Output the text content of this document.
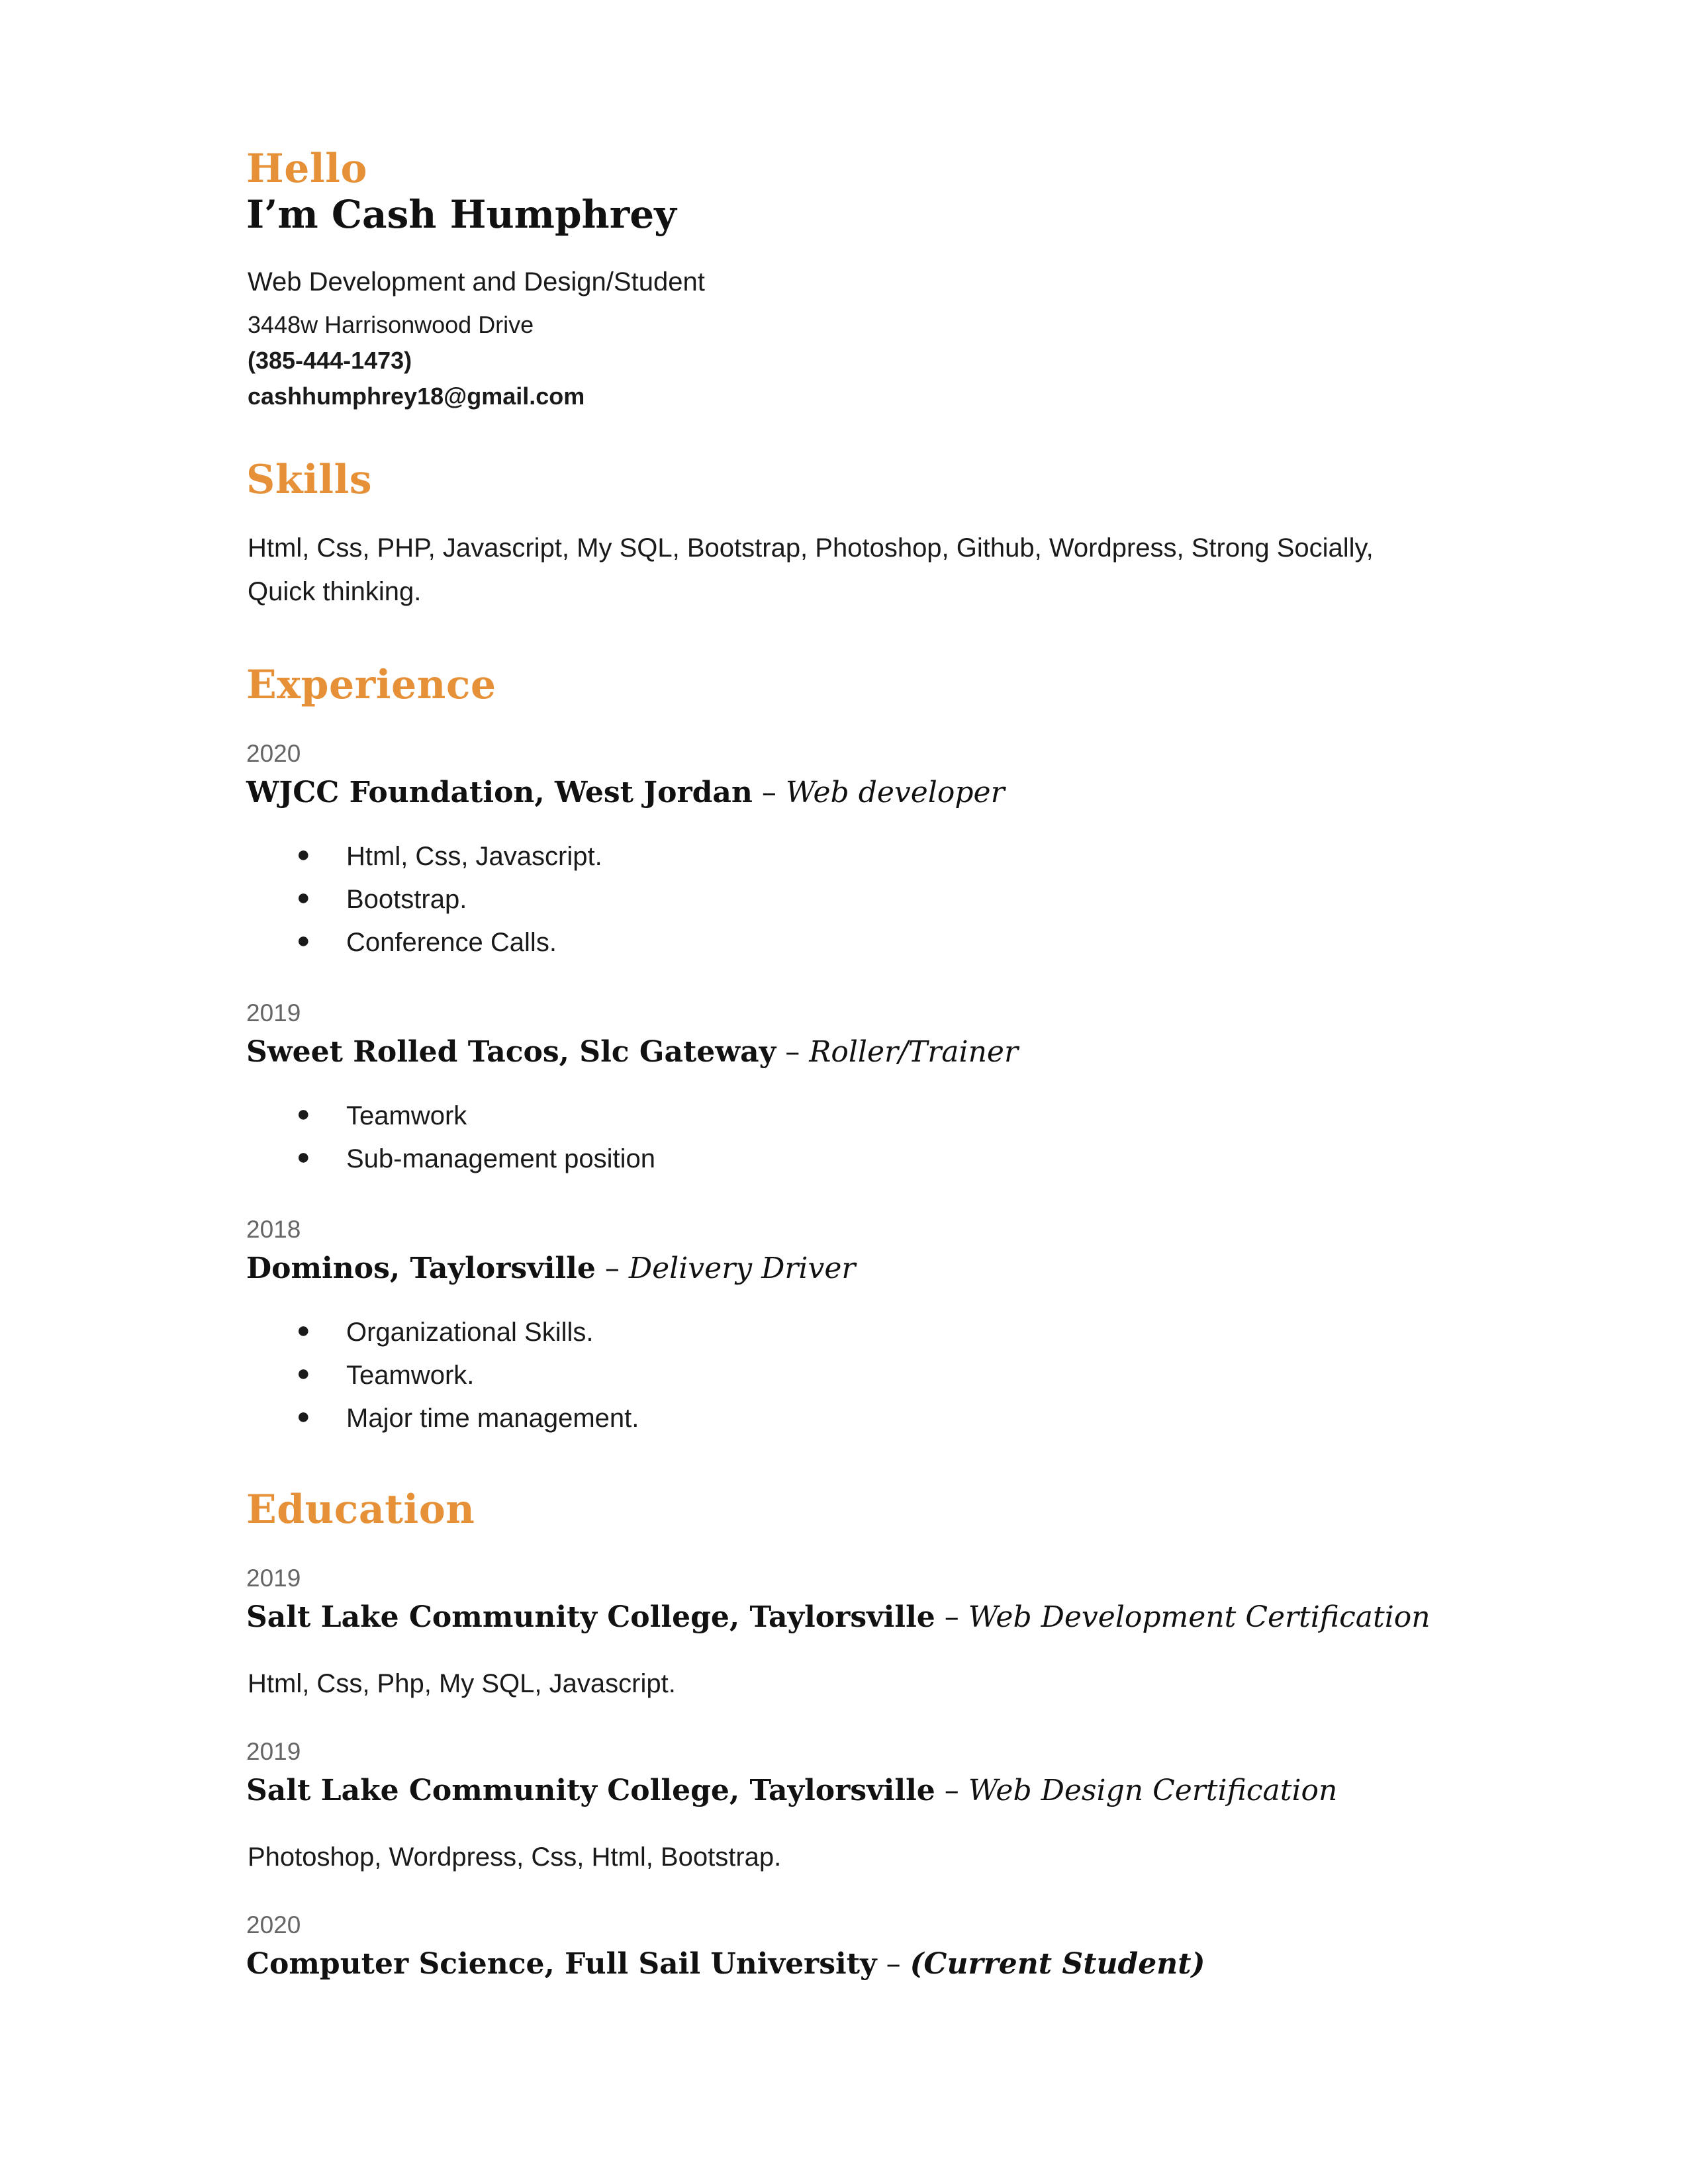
Hello
I’m Cash Humphrey
Web Development and Design/Student
3448w Harrisonwood Drive
(385-444-1473)
cashhumphrey18@gmail.com
Skills
Html, Css, PHP, Javascript, My SQL, Bootstrap, Photoshop, Github, Wordpress, Strong Socially,
Quick thinking.
Experience
2020
WJCC Foundation, West Jordan – Web developer
● Html, Css, Javascript.
● Bootstrap.
● Conference Calls.
2019
Sweet Rolled Tacos, Slc Gateway – Roller/Trainer
● Teamwork
● Sub-management position
2018
Dominos, Taylorsville – Delivery Driver
● Organizational Skills.
● Teamwork.
● Major time management.
Education
2019
Salt Lake Community College, Taylorsville – Web Development Certification
Html, Css, Php, My SQL, Javascript.
2019
Salt Lake Community College, Taylorsville – Web Design Certification
Photoshop, Wordpress, Css, Html, Bootstrap.
2020
Computer Science, Full Sail University – (Current Student)
